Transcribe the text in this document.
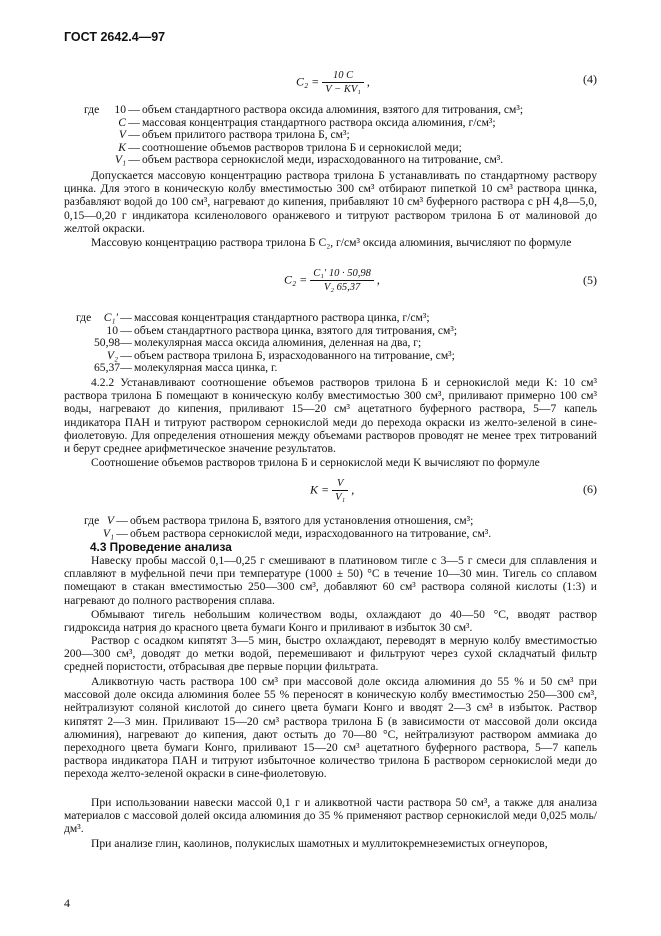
ГОСТ 2642.4—97
$C_2 = \frac{10 C}{\text{V − KV₁}}$ ,	(4)
где	10 — объем стандартного раствора оксида алюминия, взятого для титрования, см³;
C — массовая концентрация стандартного раствора оксида алюминия, г/см³;
V — объем прилитого раствора трилона Б, см³;
K — соотношение объемов растворов трилона Б и сернокислой меди;
V₁ — объем раствора сернокислой меди, израсходованного на титрование, см³.
Допускается массовую концентрацию раствора трилона Б устанавливать по стандартному раствору цинка. Для этого в коническую колбу вместимостью 300 см³ отбирают пипеткой 10 см³ раствора цинка, разбавляют водой до 100 см³, нагревают до кипения, прибавляют 10 см³ буферного раствора с pH 4,8—5,0, 0,15—0,20 г индикатора ксиленолового оранжевого и титруют раствором трилона Б от малиновой до желтой окраски.
Массовую концентрацию раствора трилона Б C₂, г/см³ оксида алюминия, вычисляют по формуле
$C_2 = \frac{\text{C₁′ 10 · 50,98}}{\text{V₂ 65,37}}$ ,	(5)
где	C₁′ — массовая концентрация стандартного раствора цинка, г/см³;
10 — объем стандартного раствора цинка, взятого для титрования, см³;
50,98 — молекулярная масса оксида алюминия, деленная на два, г;
V₂ — объем раствора трилона Б, израсходованного на титрование, см³;
65,37 — молекулярная масса цинка, г.
4.2.2 Устанавливают соотношение объемов растворов трилона Б и сернокислой меди K: 10 см³ раствора трилона Б помещают в коническую колбу вместимостью 300 см³, приливают примерно 100 см³ воды, нагревают до кипения, приливают 15—20 см³ ацетатного буферного раствора, 5—7 капель индикатора ПАН и титруют раствором сернокислой меди до перехода окраски из желто-зеленой в сине-фиолетовую. Для определения отношения между объемами растворов проводят не менее трех титрований и берут среднее арифметическое значение результатов.
Соотношение объемов растворов трилона Б и сернокислой меди K вычисляют по формуле
$K = \frac{V}{\text{V₁}}$ ,	(6)
где V — объем раствора трилона Б, взятого для установления отношения, см³;
V₁ — объем раствора сернокислой меди, израсходованного на титрование, см³.
4.3 Проведение анализа
Навеску пробы массой 0,1—0,25 г смешивают в платиновом тигле с 3—5 г смеси для сплавления и сплавляют в муфельной печи при температуре (1000 ± 50) °С в течение 10—30 мин. Тигель со сплавом помещают в стакан вместимостью 250—300 см³, добавляют 60 см³ раствора соляной кислоты (1:3) и нагревают до полного растворения сплава.
Обмывают тигель небольшим количеством воды, охлаждают до 40—50 °С, вводят раствор гидроксида натрия до красного цвета бумаги Конго и приливают в избыток 30 см³.
Раствор с осадком кипятят 3—5 мин, быстро охлаждают, переводят в мерную колбу вместимостью 200—300 см³, доводят до метки водой, перемешивают и фильтруют через сухой складчатый фильтр средней пористости, отбрасывая две первые порции фильтрата.
Аликвотную часть раствора 100 см³ при массовой доле оксида алюминия до 55 % и 50 см³ при массовой доле оксида алюминия более 55 % переносят в коническую колбу вместимостью 250—300 см³, нейтрализуют соляной кислотой до синего цвета бумаги Конго и вводят 2—3 см³ в избыток. Раствор кипятят 2—3 мин. Приливают 15—20 см³ раствора трилона Б (в зависимости от массовой доли оксида алюминия), нагревают до кипения, дают остыть до 70—80 °С, нейтрализуют раствором аммиака до переходного цвета бумаги Конго, приливают 15—20 см³ ацетатного буферного раствора, 5—7 капель раствора индикатора ПАН и титруют избыточное количество трилона Б раствором сернокислой меди до перехода желто-зеленой окраски в сине-фиолетовую.
При использовании навески массой 0,1 г и аликвотной части раствора 50 см³, а также для анализа материалов с массовой долей оксида алюминия до 35 % применяют раствор сернокислой меди 0,025 моль/дм³.
При анализе глин, каолинов, полукислых шамотных и муллитокремнеземистых огнеупоров,
4
